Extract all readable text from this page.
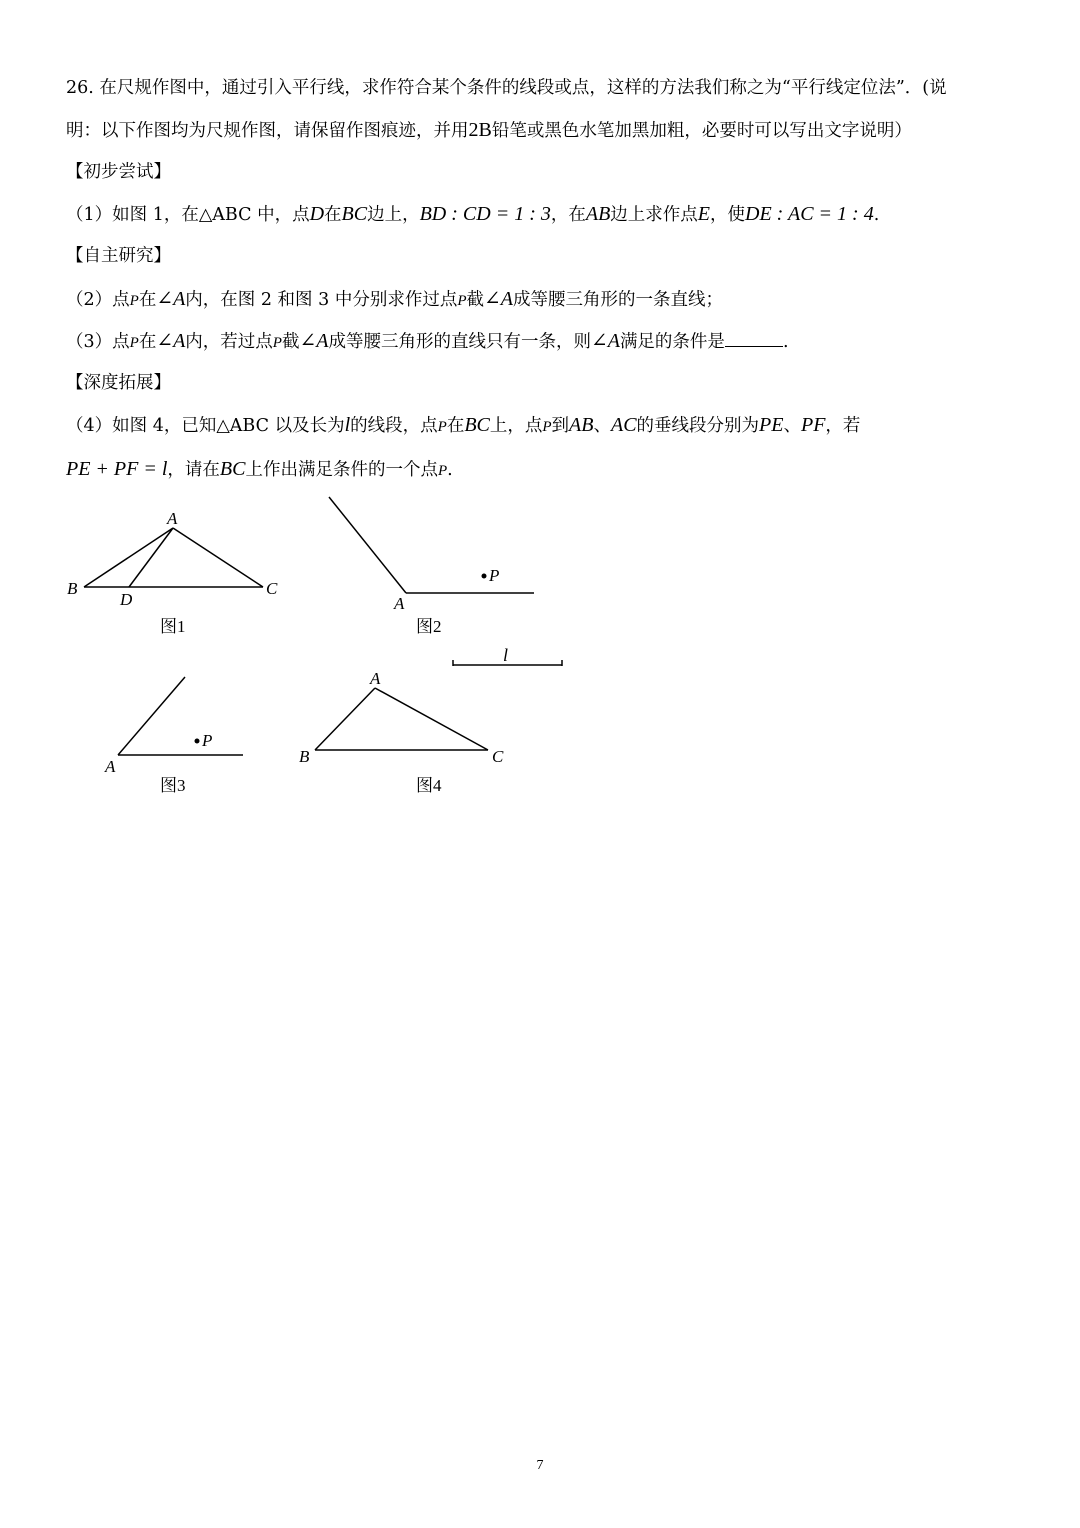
26. 在尺规作图中，通过引入平行线，求作符合某个条件的线段或点，这样的方法我们称之为“平行线定位法”．(说
明：以下作图均为尺规作图，请保留作图痕迹，并用2B铅笔或黑色水笔加黑加粗，必要时可以写出文字说明）
【初步尝试】
（1）如图 1，在△ABC 中，点D在BC边上，BD : CD = 1 : 3，在AB边上求作点E，使DE : AC = 1 : 4.
【自主研究】
（2）点P在∠A内，在图 2 和图 3 中分别求作过点P截∠A成等腰三角形的一条直线；
（3）点P在∠A内，若过点P截∠A成等腰三角形的直线只有一条，则∠A满足的条件是	.
【深度拓展】
（4）如图 4，已知△ABC 以及长为l的线段，点P在BC上，点P到AB、AC的垂线段分别为PE、PF，若
PE + PF = l，请在BC上作出满足条件的一个点P.
A
B	C
D
图1
P
A
图2
l
P
A
图3
A
B	C
图4
7
